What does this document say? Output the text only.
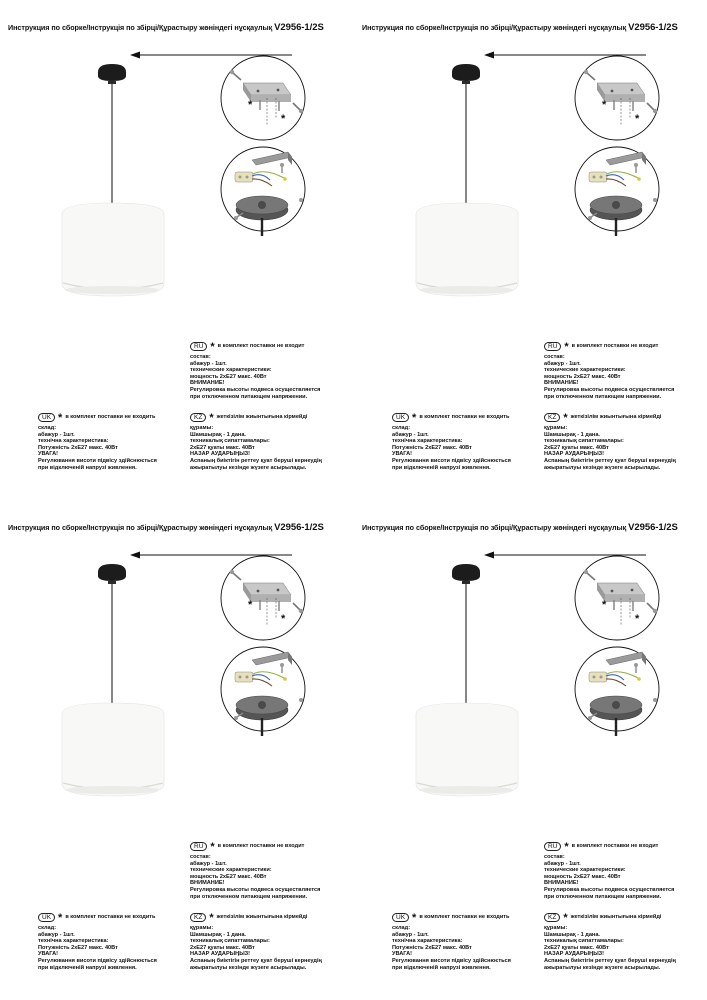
Инструкция по сборке/Інструкція по збірці/Құрастыру жөніндегі нұсқаулық V2956-1/2S
*
*
RU * в комплект поставки не входит

состав:

абажур - 1шт.

технические характеристики:

мощность 2xE27 макс. 40Вт

ВНИМАНИЕ!

Регулировка высоты подвеса осуществляется

при отключенном питающем напряжении.

UK * в комплект поставки не входить

склад:

абажур - 1шт.

технічна характеристика:

Потужність 2xE27 макс. 40Вт

УВАГА!

Регулювання висоти підвісу здійснюється

при відключеній напрузі живлення.

KZ * жеткізілім жиынтығына кірмейді

құрамы:

Шамшырақ - 1 дана.

техникалық сипаттамалары:

2xE27 қуаты макс. 40Вт

НАЗАР АУДАРЫҢЫЗ!

Аспаның биіктігін реттеу қуат беруші кернеудің

ажыратылуы кезінде жүзеге асырылады.

Инструкция по сборке/Інструкція по збірці/Құрастыру жөніндегі нұсқаулық V2956-1/2S
*
*
RU * в комплект поставки не входит

состав:

абажур - 1шт.

технические характеристики:

мощность 2xE27 макс. 40Вт

ВНИМАНИЕ!

Регулировка высоты подвеса осуществляется

при отключенном питающем напряжении.

UK * в комплект поставки не входить

склад:

абажур - 1шт.

технічна характеристика:

Потужність 2xE27 макс. 40Вт

УВАГА!

Регулювання висоти підвісу здійснюється

при відключеній напрузі живлення.

KZ * жеткізілім жиынтығына кірмейді

құрамы:

Шамшырақ - 1 дана.

техникалық сипаттамалары:

2xE27 қуаты макс. 40Вт

НАЗАР АУДАРЫҢЫЗ!

Аспаның биіктігін реттеу қуат беруші кернеудің

ажыратылуы кезінде жүзеге асырылады.

Инструкция по сборке/Інструкція по збірці/Құрастыру жөніндегі нұсқаулық V2956-1/2S
*
*
RU * в комплект поставки не входит

состав:

абажур - 1шт.

технические характеристики:

мощность 2xE27 макс. 40Вт

ВНИМАНИЕ!

Регулировка высоты подвеса осуществляется

при отключенном питающем напряжении.

UK * в комплект поставки не входить

склад:

абажур - 1шт.

технічна характеристика:

Потужність 2xE27 макс. 40Вт

УВАГА!

Регулювання висоти підвісу здійснюється

при відключеній напрузі живлення.

KZ * жеткізілім жиынтығына кірмейді

құрамы:

Шамшырақ - 1 дана.

техникалық сипаттамалары:

2xE27 қуаты макс. 40Вт

НАЗАР АУДАРЫҢЫЗ!

Аспаның биіктігін реттеу қуат беруші кернеудің

ажыратылуы кезінде жүзеге асырылады.

Инструкция по сборке/Інструкція по збірці/Құрастыру жөніндегі нұсқаулық V2956-1/2S
*
*
RU * в комплект поставки не входит

состав:

абажур - 1шт.

технические характеристики:

мощность 2xE27 макс. 40Вт

ВНИМАНИЕ!

Регулировка высоты подвеса осуществляется

при отключенном питающем напряжении.

UK * в комплект поставки не входить

склад:

абажур - 1шт.

технічна характеристика:

Потужність 2xE27 макс. 40Вт

УВАГА!

Регулювання висоти підвісу здійснюється

при відключеній напрузі живлення.

KZ * жеткізілім жиынтығына кірмейді

құрамы:

Шамшырақ - 1 дана.

техникалық сипаттамалары:

2xE27 қуаты макс. 40Вт

НАЗАР АУДАРЫҢЫЗ!

Аспаның биіктігін реттеу қуат беруші кернеудің

ажыратылуы кезінде жүзеге асырылады.
